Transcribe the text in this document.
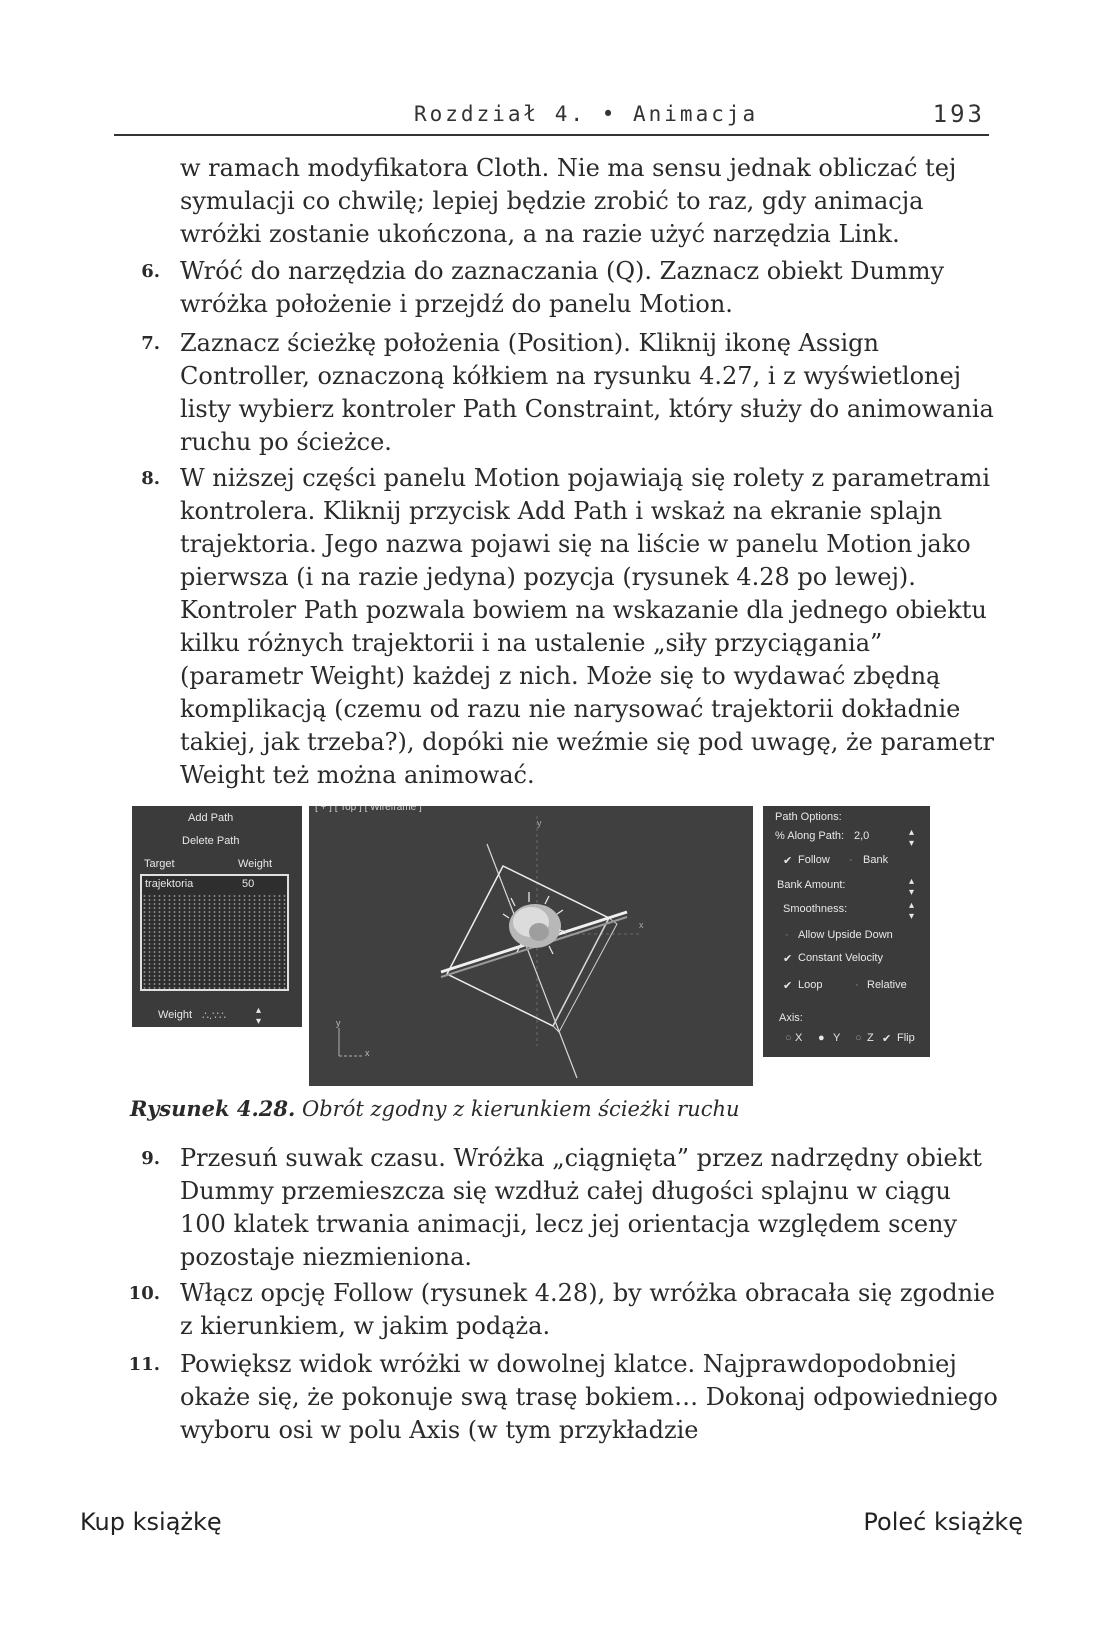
Rozdział 4. • Animacja	193

w ramach modyfikatora Cloth. Nie ma sensu jednak obliczać tej symulacji co chwilę; lepiej będzie zrobić to raz, gdy animacja wróżki zostanie ukończona, a na razie użyć narzędzia Link.

6. Wróć do narzędzia do zaznaczania (Q). Zaznacz obiekt Dummy wróżka położenie i przejdź do panelu Motion.

7. Zaznacz ścieżkę położenia (Position). Kliknij ikonę Assign Controller, oznaczoną kółkiem na rysunku 4.27, i z wyświetlonej listy wybierz kontroler Path Constraint, który służy do animowania ruchu po ścieżce.

8. W niższej części panelu Motion pojawiają się rolety z parametrami kontrolera. Kliknij przycisk Add Path i wskaż na ekranie splajn trajektoria. Jego nazwa pojawi się na liście w panelu Motion jako pierwsza (i na razie jedyna) pozycja (rysunek 4.28 po lewej). Kontroler Path pozwala bowiem na wskazanie dla jednego obiektu kilku różnych trajektorii i na ustalenie „siły przyciągania” (parametr Weight) każdej z nich. Może się to wydawać zbędną komplikacją (czemu od razu nie narysować trajektorii dokładnie takiej, jak trzeba?), dopóki nie weźmie się pod uwagę, że parametr Weight też można animować.

Add Path
Delete Path
Target	Weight
trajektoria	50
Weight ∴.∵∴	▴
▾
[ + ] [ Top ] [ Wireframe ]
y
x
y
x
Path Options:
% Along Path: 2,0	▴
▾
✔ Follow · Bank
Bank Amount:	▴
▾
Smoothness:	▴
▾
· Allow Upside Down
✔ Constant Velocity
✔ Loop	· Relative
Axis:
○ X ● Y ○ Z ✔ Flip
Rysunek 4.28. Obrót zgodny z kierunkiem ścieżki ruchu
9. Przesuń suwak czasu. Wróżka „ciągnięta” przez nadrzędny obiekt Dummy przemieszcza się wzdłuż całej długości splajnu w ciągu 100 klatek trwania animacji, lecz jej orientacja względem sceny pozostaje niezmieniona.

10. Włącz opcję Follow (rysunek 4.28), by wróżka obracała się zgodnie z kierunkiem, w jakim podąża.

11. Powiększ widok wróżki w dowolnej klatce. Najprawdopodobniej okaże się, że pokonuje swą trasę bokiem… Dokonaj odpowiedniego wyboru osi w polu Axis (w tym przykładzie

Kup książkę	Poleć książkę
